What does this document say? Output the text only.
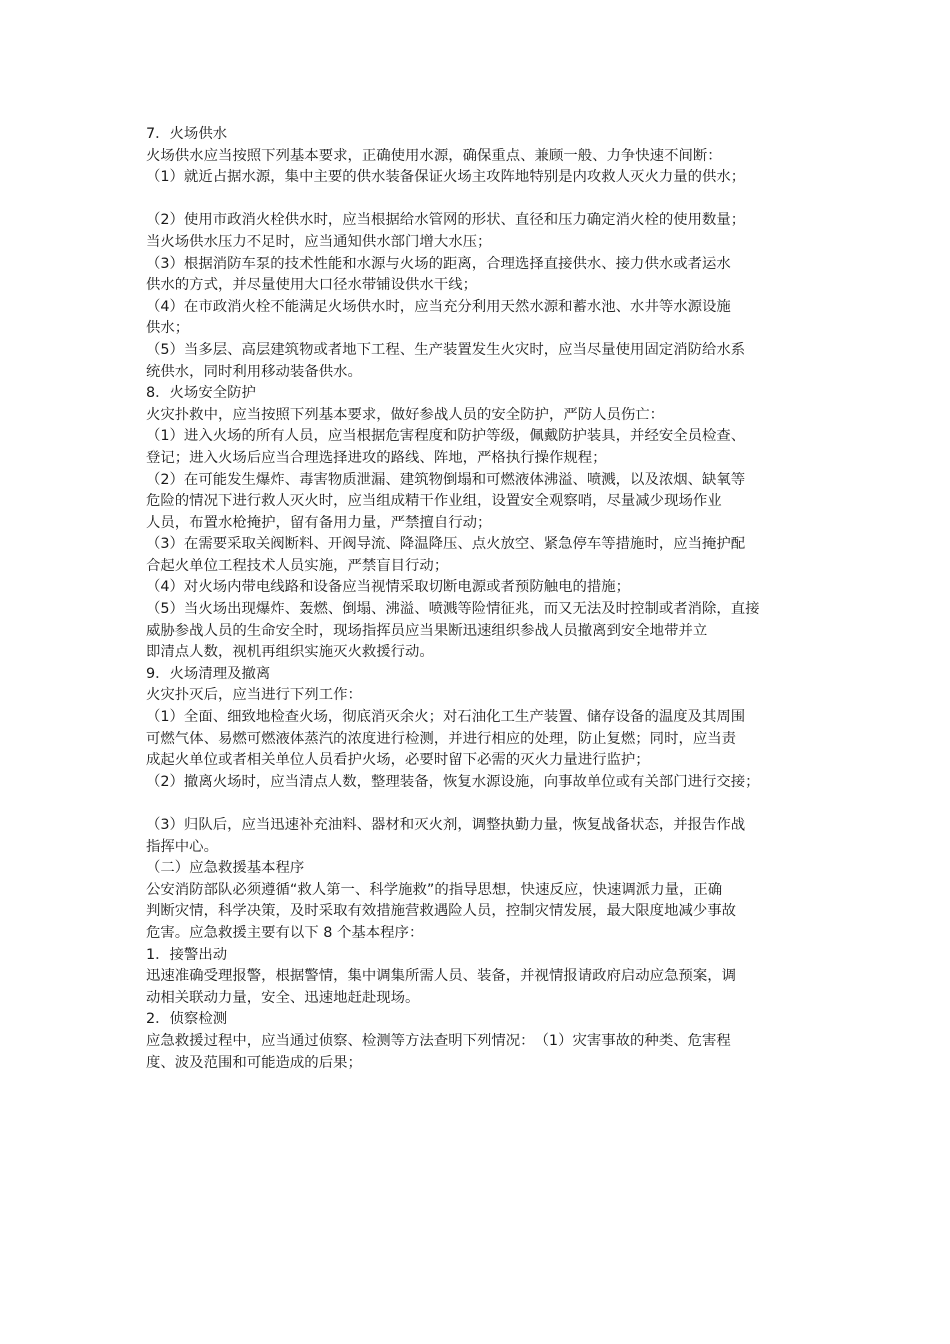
7．火场供水
火场供水应当按照下列基本要求，正确使用水源，确保重点、兼顾一般、力争快速不间断：
（1）就近占据水源，集中主要的供水装备保证火场主攻阵地特别是内攻救人灭火力量的供水；
（2）使用市政消火栓供水时，应当根据给水管网的形状、直径和压力确定消火栓的使用数量；
当火场供水压力不足时，应当通知供水部门增大水压；
（3）根据消防车泵的技术性能和水源与火场的距离，合理选择直接供水、接力供水或者运水
供水的方式，并尽量使用大口径水带铺设供水干线；
（4）在市政消火栓不能满足火场供水时，应当充分利用天然水源和蓄水池、水井等水源设施
供水；
（5）当多层、高层建筑物或者地下工程、生产装置发生火灾时，应当尽量使用固定消防给水系
统供水，同时利用移动装备供水。
8．火场安全防护
火灾扑救中，应当按照下列基本要求，做好参战人员的安全防护，严防人员伤亡：
（1）进入火场的所有人员，应当根据危害程度和防护等级，佩戴防护装具，并经安全员检查、
登记；进入火场后应当合理选择进攻的路线、阵地，严格执行操作规程；
（2）在可能发生爆炸、毒害物质泄漏、建筑物倒塌和可燃液体沸溢、喷溅，以及浓烟、缺氧等
危险的情况下进行救人灭火时，应当组成精干作业组，设置安全观察哨，尽量减少现场作业
人员，布置水枪掩护，留有备用力量，严禁擅自行动；
（3）在需要采取关阀断料、开阀导流、降温降压、点火放空、紧急停车等措施时，应当掩护配
合起火单位工程技术人员实施，严禁盲目行动；
（4）对火场内带电线路和设备应当视情采取切断电源或者预防触电的措施；
（5）当火场出现爆炸、轰燃、倒塌、沸溢、喷溅等险情征兆，而又无法及时控制或者消除，直接
威胁参战人员的生命安全时，现场指挥员应当果断迅速组织参战人员撤离到安全地带并立
即清点人数，视机再组织实施灭火救援行动。
9．火场清理及撤离
火灾扑灭后，应当进行下列工作：
（1）全面、细致地检查火场，彻底消灭余火；对石油化工生产装置、储存设备的温度及其周围
可燃气体、易燃可燃液体蒸汽的浓度进行检测，并进行相应的处理，防止复燃；同时，应当责
成起火单位或者相关单位人员看护火场，必要时留下必需的灭火力量进行监护；
（2）撤离火场时，应当清点人数，整理装备，恢复水源设施，向事故单位或有关部门进行交接；
（3）归队后，应当迅速补充油料、器材和灭火剂，调整执勤力量，恢复战备状态，并报告作战
指挥中心。
（二）应急救援基本程序
公安消防部队必须遵循“救人第一、科学施救”的指导思想，快速反应，快速调派力量，正确
判断灾情，科学决策，及时采取有效措施营救遇险人员，控制灾情发展，最大限度地减少事故
危害。应急救援主要有以下 8 个基本程序：
1．接警出动
迅速准确受理报警，根据警情，集中调集所需人员、装备，并视情报请政府启动应急预案，调
动相关联动力量，安全、迅速地赶赴现场。
2．侦察检测
应急救援过程中，应当通过侦察、检测等方法查明下列情况：　（1）灾害事故的种类、危害程
度、波及范围和可能造成的后果；
